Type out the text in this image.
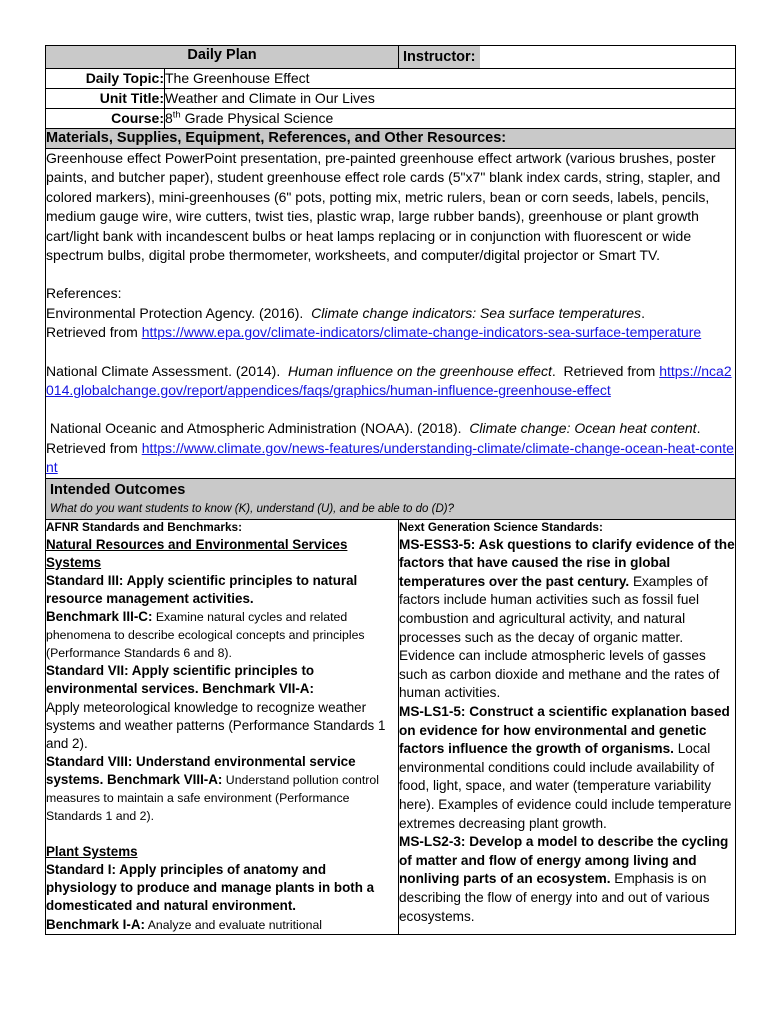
Daily Plan		Instructor:

Daily Topic:	The Greenhouse Effect	
Unit Title:	Weather and Climate in Our Lives	
Course:	8th Grade Physical Science	
Materials, Supplies, Equipment, References, and Other Resources:		

Greenhouse effect PowerPoint presentation, pre-painted greenhouse effect artwork (various brushes, poster paints, and butcher paper), student greenhouse effect role cards (5"x7" blank index cards, string, stapler, and colored markers), mini-greenhouses (6" pots, potting mix, metric rulers, bean or corn seeds, labels, pencils, medium gauge wire, wire cutters, twist ties, plastic wrap, large rubber bands), greenhouse or plant growth cart/light bank with incandescent bulbs or heat lamps replacing or in conjunction with fluorescent or wide spectrum bulbs, digital probe thermometer, worksheets, and computer/digital projector or Smart TV.

References:

Environmental Protection Agency. (2016). Climate change indicators: Sea surface temperatures.
Retrieved from https://www.epa.gov/climate-indicators/climate-change-indicators-sea-surface-temperature

National Climate Assessment. (2014). Human influence on the greenhouse effect. Retrieved from https://nca2014.globalchange.gov/report/appendices/faqs/graphics/human-influence-greenhouse-effect

National Oceanic and Atmospheric Administration (NOAA). (2018). Climate change: Ocean heat content.  Retrieved from https://www.climate.gov/news-features/understanding-climate/climate-change-ocean-heat-content

Intended Outcomes
What do you want students to know (K), understand (U), and be able to do (D)?		

AFNR Standards and Benchmarks:

Natural Resources and Environmental Services Systems

Standard III: Apply scientific principles to natural resource management activities.

Benchmark III-C: Examine natural cycles and related phenomena to describe ecological concepts and principles (Performance Standards 6 and 8).

Standard VII: Apply scientific principles to environmental services. Benchmark VII-A:

Apply meteorological knowledge to recognize weather systems and weather patterns (Performance Standards 1 and 2).

Standard VIII: Understand environmental service systems. Benchmark VIII-A: Understand pollution control measures to maintain a safe environment (Performance Standards 1 and 2).

Plant Systems

Standard I: Apply principles of anatomy and physiology to produce and manage plants in both a domesticated and natural environment.

Benchmark I-A: Analyze and evaluate nutritional

Next Generation Science Standards:

MS-ESS3-5: Ask questions to clarify evidence of the factors that have caused the rise in global temperatures over the past century. Examples of factors include human activities such as fossil fuel combustion and agricultural activity, and natural processes such as the decay of organic matter. Evidence can include atmospheric levels of gasses such as carbon dioxide and methane and the rates of human activities.

MS-LS1-5: Construct a scientific explanation based on evidence for how environmental and genetic factors influence the growth of organisms. Local environmental conditions could include availability of food, light, space, and water (temperature variability here). Examples of evidence could include temperature extremes decreasing plant growth.

MS-LS2-3: Develop a model to describe the cycling of matter and flow of energy among living and nonliving parts of an ecosystem. Emphasis is on describing the flow of energy into and out of various ecosystems.
